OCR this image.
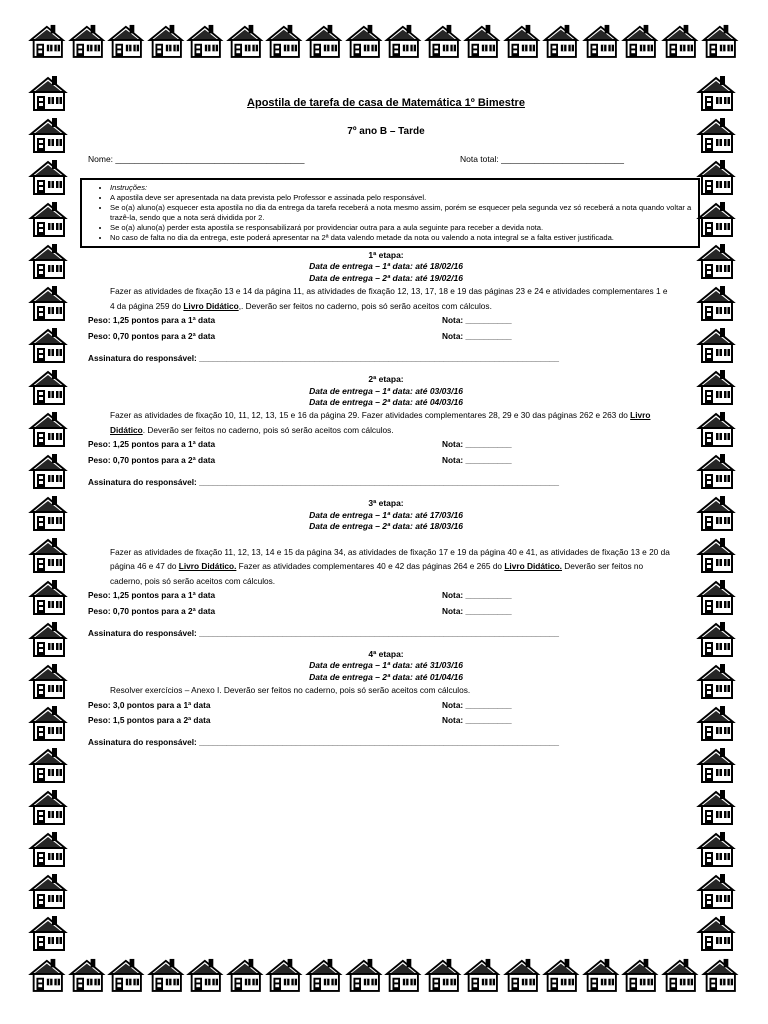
Apostila de tarefa de casa de Matemática 1º Bimestre
7º ano B – Tarde
Nome: ________________________________________	Nota total: __________________________
• Instruções:
• A apostila deve ser apresentada na data prevista pelo Professor e assinada pelo responsável.
• Se o(a) aluno(a) esquecer esta apostila no dia da entrega da tarefa receberá a nota mesmo assim, porém se esquecer pela segunda vez só receberá a nota quando voltar a trazê-la, sendo que a nota será dividida por 2.
• Se o(a) aluno(a) perder esta apostila se responsabilizará por providenciar outra para a aula seguinte para receber a devida nota.
• No caso de falta no dia da entrega, este poderá apresentar na 2ª data valendo metade da nota ou valendo a nota integral se a falta estiver justificada.
1ª etapa:
Data de entrega – 1ª data: até 18/02/16
Data de entrega – 2ª data: até 19/02/16
Fazer as atividades de fixação 13 e 14 da página 11, as atividades de fixação 12, 13, 17, 18 e 19 das páginas 23 e 24 e atividades complementares 1 e 4 da página 259 do Livro Didático,. Deverão ser feitos no caderno, pois só serão aceitos com cálculos.
Peso: 1,25 pontos para a 1ª data	Nota: __________
Peso: 0,70 pontos para a 2ª data	Nota: __________
Assinatura do responsável: ______________________________________________________________________________
2ª etapa:
Data de entrega – 1ª data: até 03/03/16
Data de entrega – 2ª data: até 04/03/16
Fazer as atividades de fixação 10, 11, 12, 13, 15 e 16 da página 29. Fazer atividades complementares 28, 29 e 30 das páginas 262 e 263 do Livro Didático. Deverão ser feitos no caderno, pois só serão aceitos com cálculos.
Peso: 1,25 pontos para a 1ª data	Nota: __________
Peso: 0,70 pontos para a 2ª data	Nota: __________
Assinatura do responsável: ______________________________________________________________________________
3ª etapa:
Data de entrega – 1ª data: até 17/03/16
Data de entrega – 2ª data: até 18/03/16
Fazer as atividades de fixação 11, 12, 13, 14 e 15 da página 34, as atividades de fixação 17 e 19 da página 40 e 41, as atividades de fixação 13 e 20 da página 46 e 47 do Livro Didático. Fazer as atividades complementares 40 e 42 das páginas 264 e 265 do Livro Didático. Deverão ser feitos no caderno, pois só serão aceitos com cálculos.
Peso: 1,25 pontos para a 1ª data	Nota: __________
Peso: 0,70 pontos para a 2ª data	Nota: __________
Assinatura do responsável: ______________________________________________________________________________
4ª etapa:
Data de entrega – 1ª data: até 31/03/16
Data de entrega – 2ª data: até 01/04/16
Resolver exercícios – Anexo I. Deverão ser feitos no caderno, pois só serão aceitos com cálculos.
Peso: 3,0 pontos para a 1ª data	Nota: __________
Peso: 1,5 pontos para a 2ª data	Nota: __________
Assinatura do responsável: ______________________________________________________________________________
